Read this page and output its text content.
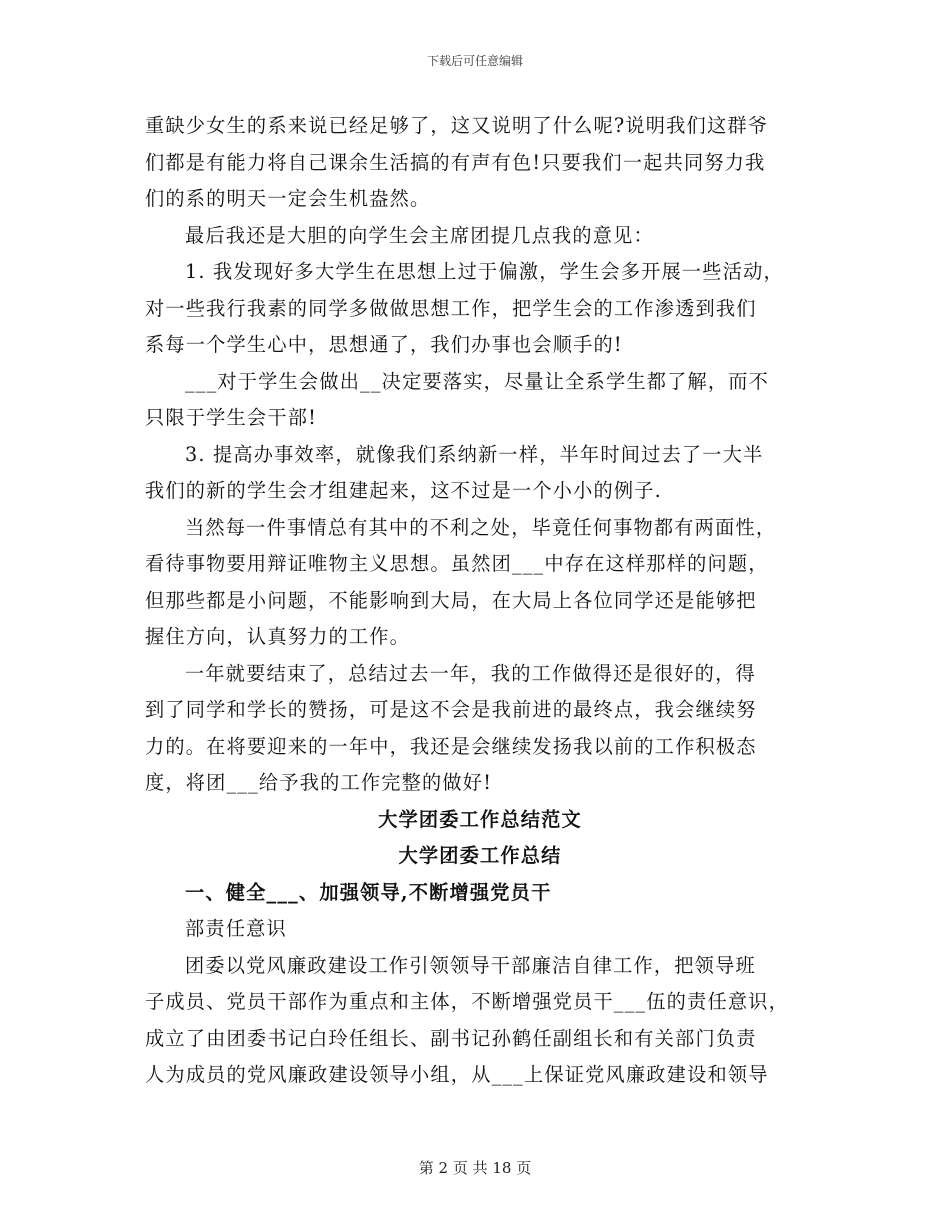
下载后可任意编辑
重缺少女生的系来说已经足够了，这又说明了什么呢?说明我们这群爷
们都是有能力将自己课余生活搞的有声有色!只要我们一起共同努力我
们的系的明天一定会生机盎然。
最后我还是大胆的向学生会主席团提几点我的意见：
1. 我发现好多大学生在思想上过于偏激，学生会多开展一些活动，
对一些我行我素的同学多做做思想工作，把学生会的工作渗透到我们
系每一个学生心中，思想通了，我们办事也会顺手的!
___对于学生会做出__决定要落实，尽量让全系学生都了解，而不
只限于学生会干部!
3. 提高办事效率，就像我们系纳新一样，半年时间过去了一大半
我们的新的学生会才组建起来，这不过是一个小小的例子.
当然每一件事情总有其中的不利之处，毕竟任何事物都有两面性，
看待事物要用辩证唯物主义思想。虽然团___中存在这样那样的问题，
但那些都是小问题，不能影响到大局，在大局上各位同学还是能够把
握住方向，认真努力的工作。
一年就要结束了，总结过去一年，我的工作做得还是很好的，得
到了同学和学长的赞扬，可是这不会是我前进的最终点，我会继续努
力的。在将要迎来的一年中，我还是会继续发扬我以前的工作积极态
度，将团___给予我的工作完整的做好!
大学团委工作总结范文
大学团委工作总结
一、健全___、加强领导,不断增强党员干
部责任意识
团委以党风廉政建设工作引领领导干部廉洁自律工作，把领导班
子成员、党员干部作为重点和主体，不断增强党员干___伍的责任意识，
成立了由团委书记白玲任组长、副书记孙鹤任副组长和有关部门负责
人为成员的党风廉政建设领导小组，从___上保证党风廉政建设和领导
第 2 页 共 18 页
